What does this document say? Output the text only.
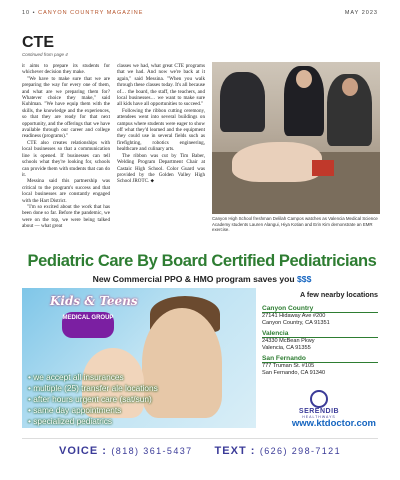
10 • CANYON COUNTRY MAGAZINE	MAY 2023
CTE
Continued from page 4

it aims to prepare its students for whichever decision they make.

"We have to make sure that we are preparing the way for every one of them, and what are we preparing them for? Whatever choice they make," said Kuhlman. "We have equip them with the skills, the knowledge and the experiences, so that they are ready for that next opportunity, and the offerings that we have available through our career and college readiness (programs)."

CTE also creates relationships with local businesses so that a communication line is opened. If businesses can tell schools what they're looking for, schools can provide them with students that can do it.

Messina said this partnership was critical to the program's success and that local businesses are constantly engaged with the Hart District.

"I'm so excited about the work that has been done so far. Before the pandemic, we were on the top, we were being talked about — what great

classes we had, what great CTE programs that we had. And now we're back at it again," said Messina. "When you walk through these classes today. It's all because of… the board, the staff, the teachers, and local businesses… we want to make sure all kids have all opportunities to succeed."

Following the ribbon cutting ceremony, attendees went into several buildings on campus where students were eager to show off what they'd learned and the equipment they could use in several fields such as firefighting, robotics engineering, healthcare and culinary arts.

The ribbon was cut by Tim Baber, Welding Program Department Chair at Castaic High School. Color Guard was provided by the Golden Valley High School JROTC. ⬥

Canyon High School freshman Delilah Campos watches as Valencia Medical Science Academy students Lauren Alangui, Hiya Kotian and Erin Kim demonstrate an EMR exercise.
Pediatric Care By Board Certified Pediatricians
New Commercial PPO & HMO program saves you $$$
Kids & Teens
MEDICAL GROUP
• we accept all insurances
• multiple (25) transfer ale locations
• after hours urgent care (sat/sun)
• same day appointments
• specialized pediatrics
A few nearby locations
Canyon Country
27141 Hidaway Ave #200
Canyon Country, CA 91351
Valencia
24330 McBean Pkwy
Valencia, CA 91355
San Fernando
777 Truman St. #105
San Fernando, CA 91340
SERENDIB
HEALTHWAYS
www.ktdoctor.com
VOICE : (818) 361-5437 TEXT : (626) 298-7121
